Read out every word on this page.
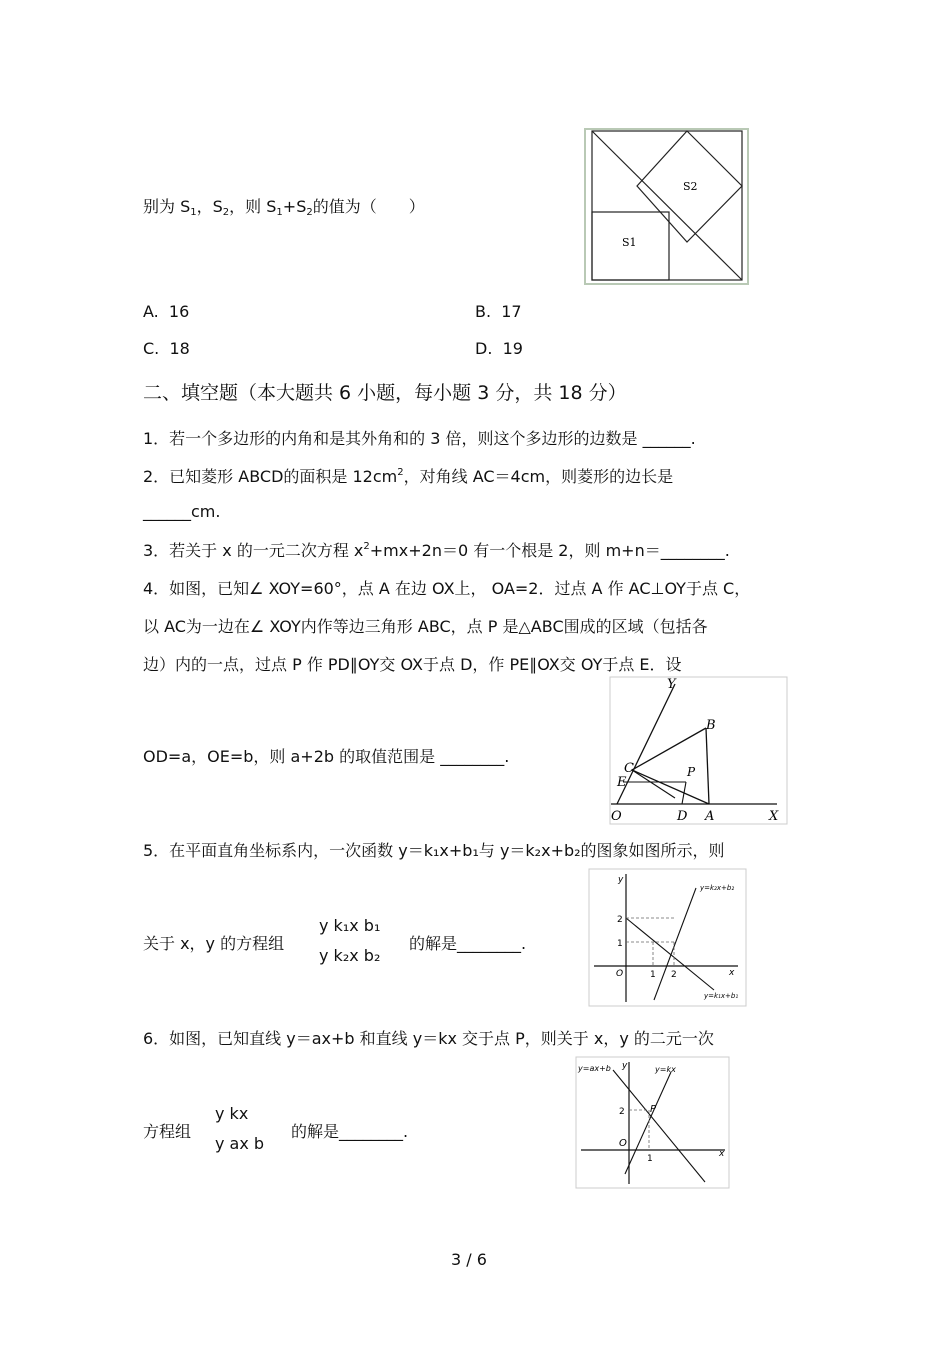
别为 $S_1$，$S_2$，则 $S_1+S_2$的值为（　　）
S2
S1
A. 16	B. 17
C. 18	D. 19
二、填空题（本大题共 6 小题，每小题 3 分，共 18 分）
1．若一个多边形的内角和是其外角和的 3 倍，则这个多边形的边数是 ______.
2．已知菱形 ABCD的面积是 $12cm^2$，对角线 AC＝4cm，则菱形的边长是
______cm.
3．若关于 x 的一元二次方程 $x^2+mx+2n=0$ 有一个根是 2，则 m+n＝________.
4．如图，已知∠ XOY=60°，点 A 在边 OX上， OA=2．过点 A 作 AC⊥OY于点 C，
以 AC为一边在∠ XOY内作等边三角形 ABC，点 P 是△ABC围成的区域（包括各
边）内的一点，过点 P 作 PD∥OY交 OX于点 D，作 PE∥OX交 OY于点 E．设
OD=a，OE=b，则 a+2b 的取值范围是 ________.
Y
B
C
E
P
O	D A	X
5．在平面直角坐标系内，一次函数 y＝k₁x+b₁与 y＝k₂x+b₂的图象如图所示，则
关于 x，y 的方程组
y k₁x b₁
y k₂x b₂
的解是________.
y
x
O	1 2
1
2
y=k₂x+b₂
y=k₁x+b₁
6．如图，已知直线 y＝ax+b 和直线 y＝kx 交于点 P，则关于 x，y 的二元一次
方程组
y kx
y ax b
的解是________.
y
x
O
P
1
2
y=ax+b	y=kx
3 / 6
